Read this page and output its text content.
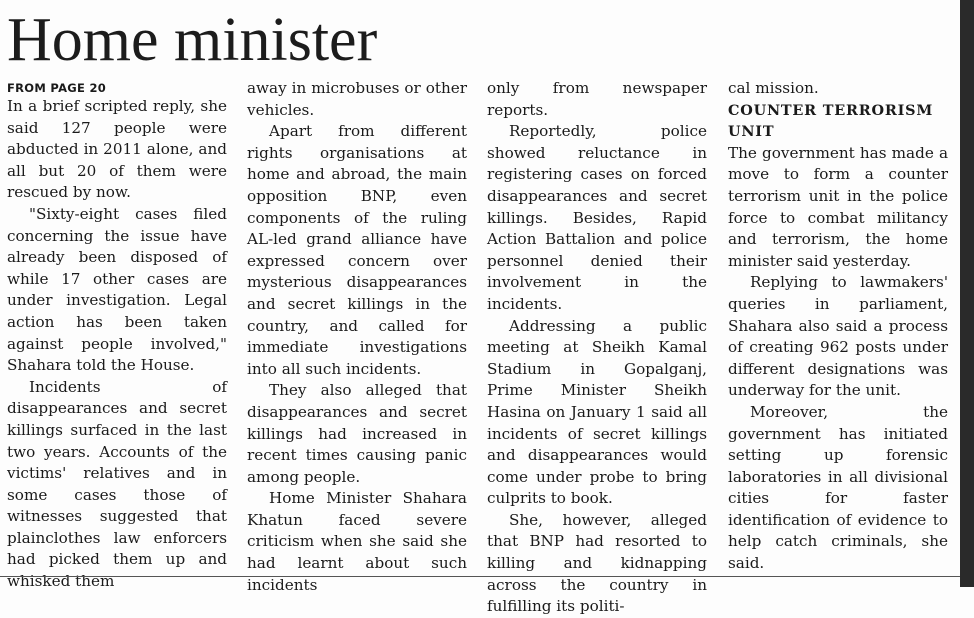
Home minister
FROM PAGE 20

In a brief scripted reply, she said 127 people were abducted in 2011 alone, and all but 20 of them were rescued by now.

"Sixty-eight cases filed concerning the issue have already been disposed of while 17 other cases are under investigation. Legal action has been taken against people involved," Shahara told the House.

Incidents of disappearances and secret killings surfaced in the last two years. Accounts of the victims' relatives and in some cases those of witnesses suggested that plainclothes law enforcers had picked them up and whisked them

away in microbuses or other vehicles.

Apart from different rights organisations at home and abroad, the main opposition BNP, even components of the ruling AL-led grand alliance have expressed concern over mysterious disappearances and secret killings in the country, and called for immediate investigations into all such incidents.

They also alleged that disappearances and secret killings had increased in recent times causing panic among people.

Home Minister Shahara Khatun faced severe criticism when she said she had learnt about such incidents

only from newspaper reports.

Reportedly, police showed reluctance in registering cases on forced disappearances and secret killings. Besides, Rapid Action Battalion and police personnel denied their involvement in the incidents.

Addressing a public meeting at Sheikh Kamal Stadium in Gopalganj, Prime Minister Sheikh Hasina on January 1 said all incidents of secret killings and disappearances would come under probe to bring culprits to book.

She, however, alleged that BNP had resorted to killing and kidnapping across the country in fulfilling its politi-

cal mission.

COUNTER TERRORISM UNIT

The government has made a move to form a counter terrorism unit in the police force to combat militancy and terrorism, the home minister said yesterday.

Replying to lawmakers' queries in parliament, Shahara also said a process of creating 962 posts under different designations was underway for the unit.

Moreover, the government has initiated setting up forensic laboratories in all divisional cities for faster identification of evidence to help catch criminals, she said.
